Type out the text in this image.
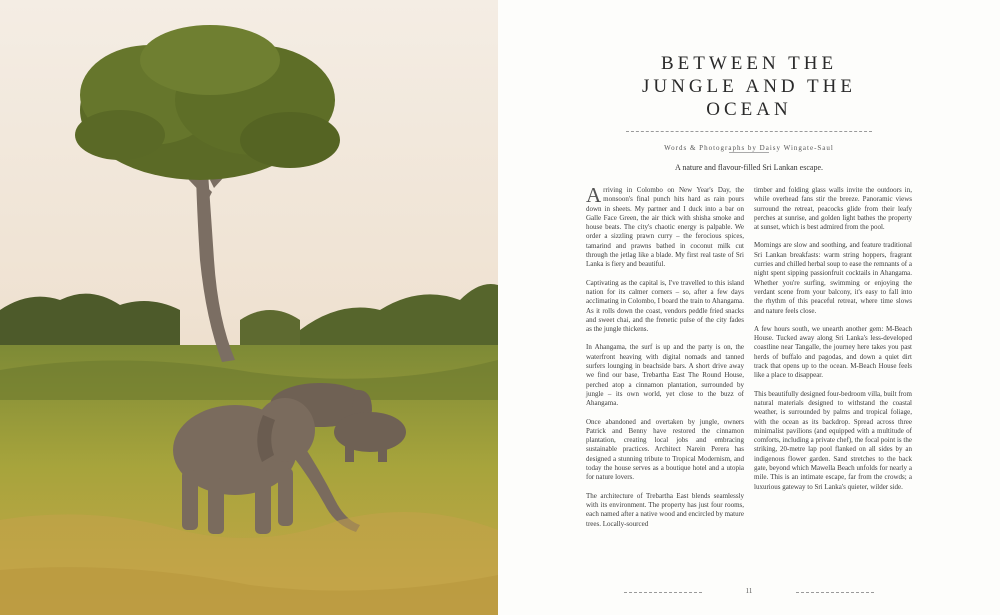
BETWEEN THE
JUNGLE AND THE
OCEAN
Words & Photographs by Daisy Wingate-Saul
A nature and flavour-filled Sri Lankan escape.

Arriving in Colombo on New Year's Day, the monsoon's final punch hits hard as rain pours down in sheets. My partner and I duck into a bar on Galle Face Green, the air thick with shisha smoke and house beats. The city's chaotic energy is palpable. We order a sizzling prawn curry – the ferocious spices, tamarind and prawns bathed in coconut milk cut through the jetlag like a blade. My first real taste of Sri Lanka is fiery and beautiful.

Captivating as the capital is, I've travelled to this island nation for its calmer corners – so, after a few days acclimating in Colombo, I board the train to Ahangama. As it rolls down the coast, vendors peddle fried snacks and sweet chai, and the frenetic pulse of the city fades as the jungle thickens.

In Ahangama, the surf is up and the party is on, the waterfront heaving with digital nomads and tanned surfers lounging in beachside bars. A short drive away we find our base, Trebartha East The Round House, perched atop a cinnamon plantation, surrounded by jungle – its own world, yet close to the buzz of Ahangama.

Once abandoned and overtaken by jungle, owners Patrick and Benny have restored the cinnamon plantation, creating local jobs and embracing sustainable practices. Architect Narein Perera has designed a stunning tribute to Tropical Modernism, and today the house serves as a boutique hotel and a utopia for nature lovers.

The architecture of Trebartha East blends seamlessly with its environment. The property has just four rooms, each named after a native wood and encircled by mature trees. Locally-sourced

timber and folding glass walls invite the outdoors in, while overhead fans stir the breeze. Panoramic views surround the retreat, peacocks glide from their leafy perches at sunrise, and golden light bathes the property at sunset, which is best admired from the pool.

Mornings are slow and soothing, and feature traditional Sri Lankan breakfasts: warm string hoppers, fragrant curries and chilled herbal soup to ease the remnants of a night spent sipping passionfruit cocktails in Ahangama. Whether you're surfing, swimming or enjoying the verdant scene from your balcony, it's easy to fall into the rhythm of this peaceful retreat, where time slows and nature feels close.

A few hours south, we unearth another gem: M-Beach House. Tucked away along Sri Lanka's less-developed coastline near Tangalle, the journey here takes you past herds of buffalo and pagodas, and down a quiet dirt track that opens up to the ocean. M-Beach House feels like a place to disappear.

This beautifully designed four-bedroom villa, built from natural materials designed to withstand the coastal weather, is surrounded by palms and tropical foliage, with the ocean as its backdrop. Spread across three minimalist pavilions (and equipped with a multitude of comforts, including a private chef), the focal point is the striking, 20-metre lap pool flanked on all sides by an indigenous flower garden. Sand stretches to the back gate, beyond which Mawella Beach unfolds for nearly a mile. This is an intimate escape, far from the crowds; a luxurious gateway to Sri Lanka's quieter, wilder side.

11
